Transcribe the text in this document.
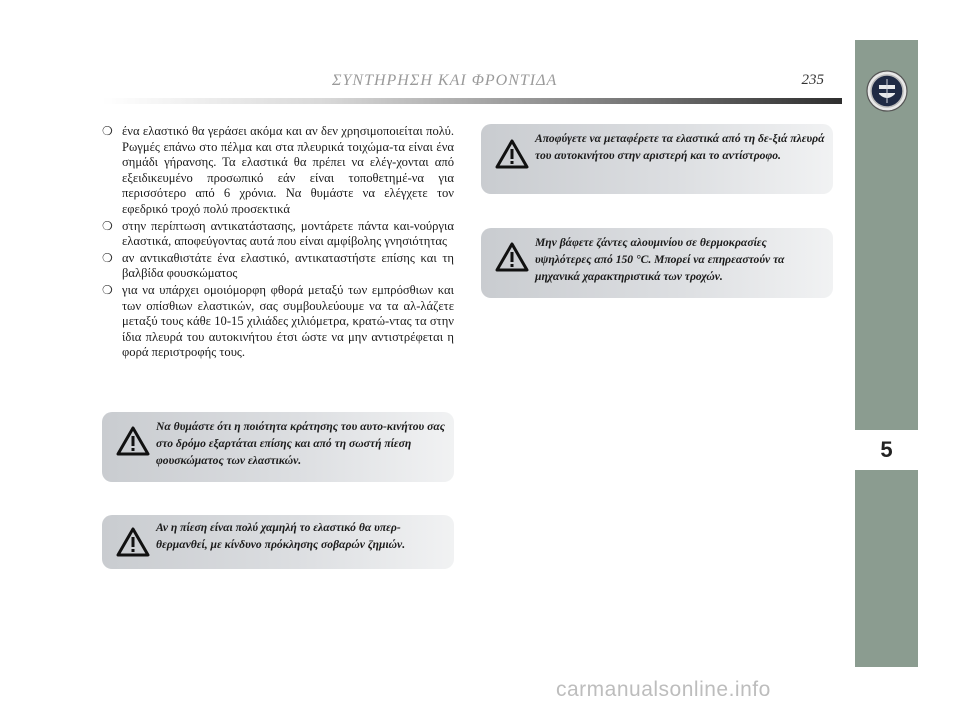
ΣΥΝΤΗΡΗΣΗ ΚΑΙ ΦΡΟΝΤΙΔΑ	235
5
❍ ένα ελαστικό θα γεράσει ακόμα και αν δεν χρησιμοποιείται πολύ. Ρωγμές επάνω στο πέλμα και στα πλευρικά τοιχώμα-τα είναι ένα σημάδι γήρανσης. Τα ελαστικά θα πρέπει να ελέγ-χονται από εξειδικευμένο προσωπικό εάν είναι τοποθετημέ-να για περισσότερο από 6 χρόνια. Να θυμάστε να ελέγχετε τον εφεδρικό τροχό πολύ προσεκτικά
❍ στην περίπτωση αντικατάστασης, μοντάρετε πάντα και-νούργια ελαστικά, αποφεύγοντας αυτά που είναι αμφίβολης γνησιότητας
❍ αν αντικαθιστάτε ένα ελαστικό, αντικαταστήστε επίσης και τη βαλβίδα φουσκώματος
❍ για να υπάρχει ομοιόμορφη φθορά μεταξύ των εμπρόσθιων και των οπίσθιων ελαστικών, σας συμβουλεύουμε να τα αλ-λάζετε μεταξύ τους κάθε 10-15 χιλιάδες χιλιόμετρα, κρατώ-ντας τα στην ίδια πλευρά του αυτοκινήτου έτσι ώστε να μην αντιστρέφεται η φορά περιστροφής τους.
Να θυμάστε ότι η ποιότητα κράτησης του αυτο-κινήτου σας στο δρόμο εξαρτάται επίσης και από τη σωστή πίεση φουσκώματος των ελαστικών.
Αν η πίεση είναι πολύ χαμηλή το ελαστικό θα υπερ-θερμανθεί, με κίνδυνο πρόκλησης σοβαρών ζημιών.
Αποφύγετε να μεταφέρετε τα ελαστικά από τη δε-ξιά πλευρά του αυτοκινήτου στην αριστερή και το αντίστροφο.
Μην βάφετε ζάντες αλουμινίου σε θερμοκρασίες υψηλότερες από 150 °C. Μπορεί να επηρεαστούν τα μηχανικά χαρακτηριστικά των τροχών.
carmanualsonline.info
